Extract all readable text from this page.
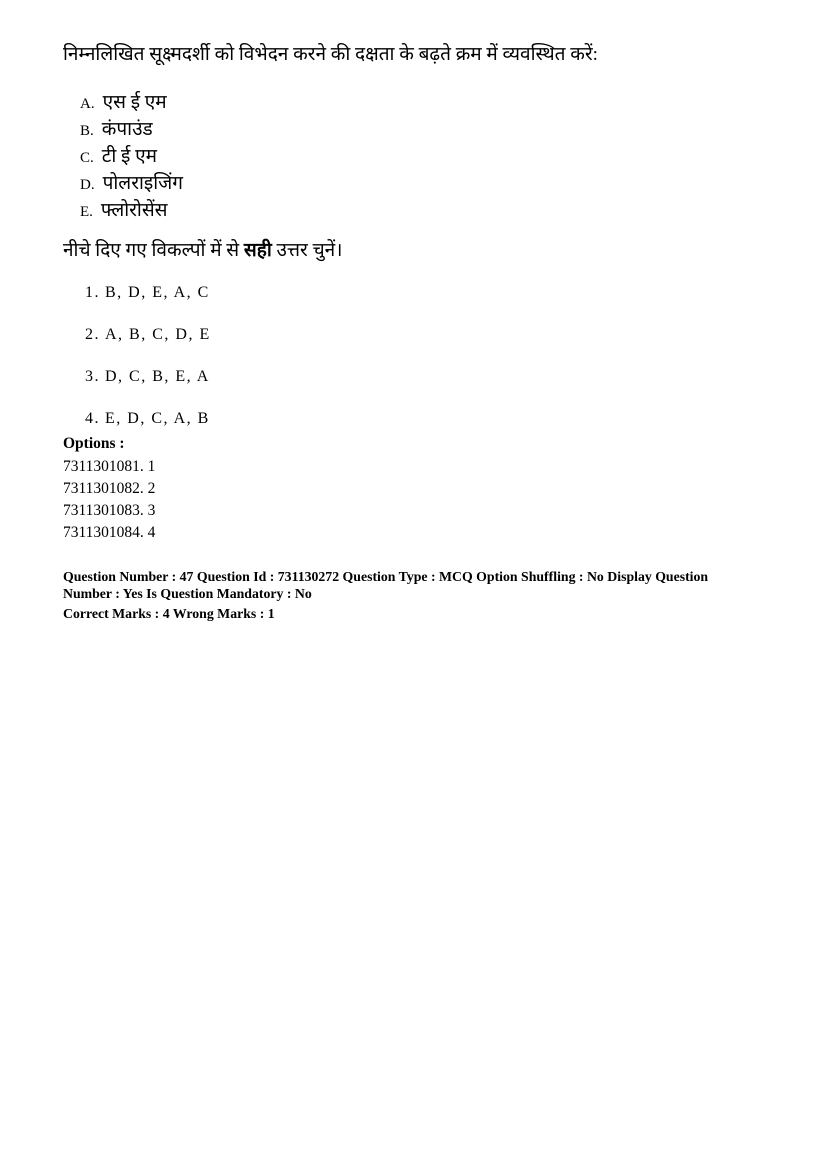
निम्नलिखित सूक्ष्मदर्शी को विभेदन करने की दक्षता के बढ़ते क्रम में व्यवस्थित करें:
A. एस ई एम
B. कंपाउंड
C. टी ई एम
D. पोलराइजिंग
E. फ्लोरोसेंस
नीचे दिए गए विकल्पों में से सही उत्तर चुनें।
1. B, D, E, A, C
2. A, B, C, D, E
3. D, C, B, E, A
4. E, D, C, A, B
Options :
7311301081. 1
7311301082. 2
7311301083. 3
7311301084. 4
Question Number : 47 Question Id : 731130272 Question Type : MCQ Option Shuffling : No Display Question
Number : Yes Is Question Mandatory : No
Correct Marks : 4 Wrong Marks : 1
